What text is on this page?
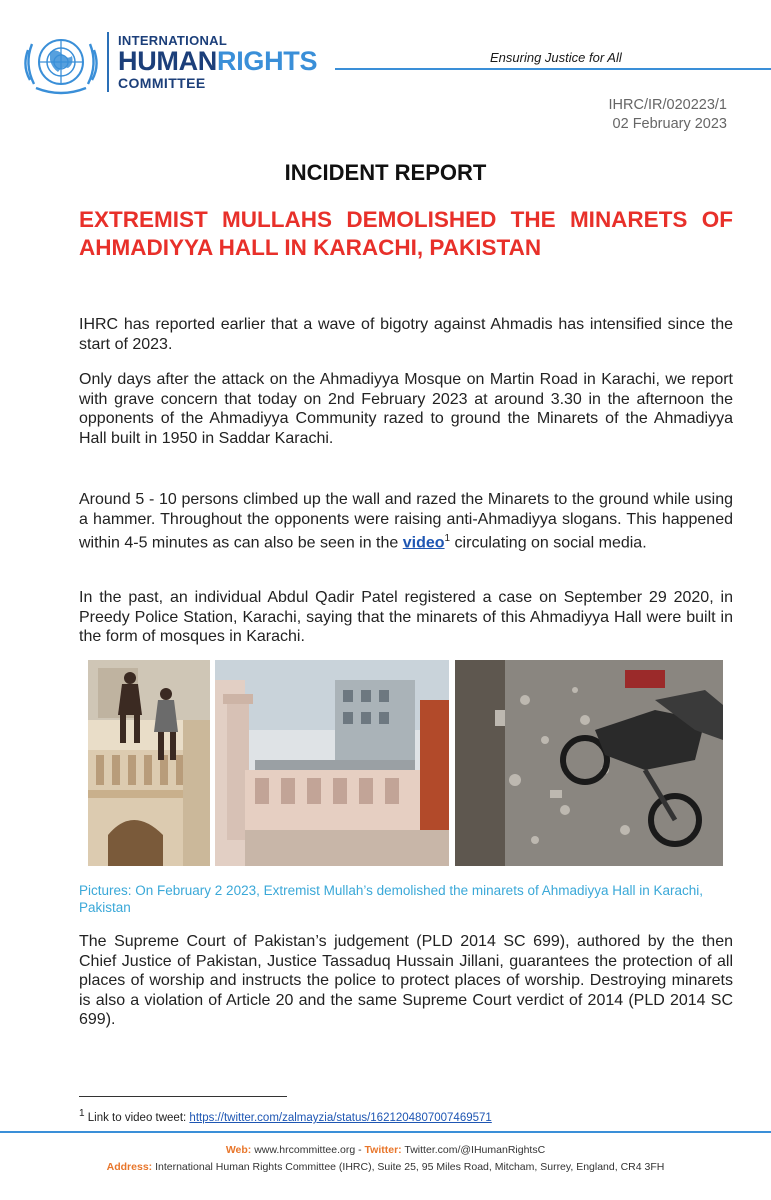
INTERNATIONAL
HUMANRIGHTS
COMMITTEE
Ensuring Justice for All
IHRC/IR/020223/1
02 February 2023
INCIDENT REPORT
EXTREMIST MULLAHS DEMOLISHED THE MINARETS OF AHMADIYYA HALL IN KARACHI, PAKISTAN
IHRC has reported earlier that a wave of bigotry against Ahmadis has intensified since the start of 2023.
Only days after the attack on the Ahmadiyya Mosque on Martin Road in Karachi, we report with grave concern that today on 2nd February 2023 at around 3.30 in the afternoon the opponents of the Ahmadiyya Community razed to ground the Minarets of the Ahmadiyya Hall built in 1950 in Saddar Karachi.
Around 5 - 10 persons climbed up the wall and razed the Minarets to the ground while using a hammer. Throughout the opponents were raising anti-Ahmadiyya slogans. This happened within 4-5 minutes as can also be seen in the video$^1$ circulating on social media.
In the past, an individual Abdul Qadir Patel registered a case on September 29 2020, in Preedy Police Station, Karachi, saying that the minarets of this Ahmadiyya Hall were built in the form of mosques in Karachi.
Pictures: On February 2 2023, Extremist Mullah’s demolished the minarets of Ahmadiyya Hall in Karachi, Pakistan
The Supreme Court of Pakistan’s judgement (PLD 2014 SC 699), authored by the then Chief Justice of Pakistan, Justice Tassaduq Hussain Jillani, guarantees the protection of all places of worship and instructs the police to protect places of worship. Destroying minarets is also a violation of Article 20 and the same Supreme Court verdict of 2014 (PLD 2014 SC 699).
$^1$ Link to video tweet: https://twitter.com/zalmayzia/status/1621204807007469571
Web: www.hrcommittee.org - Twitter: Twitter.com/@IHumanRightsC
Address: International Human Rights Committee (IHRC), Suite 25, 95 Miles Road, Mitcham, Surrey, England, CR4 3FH
